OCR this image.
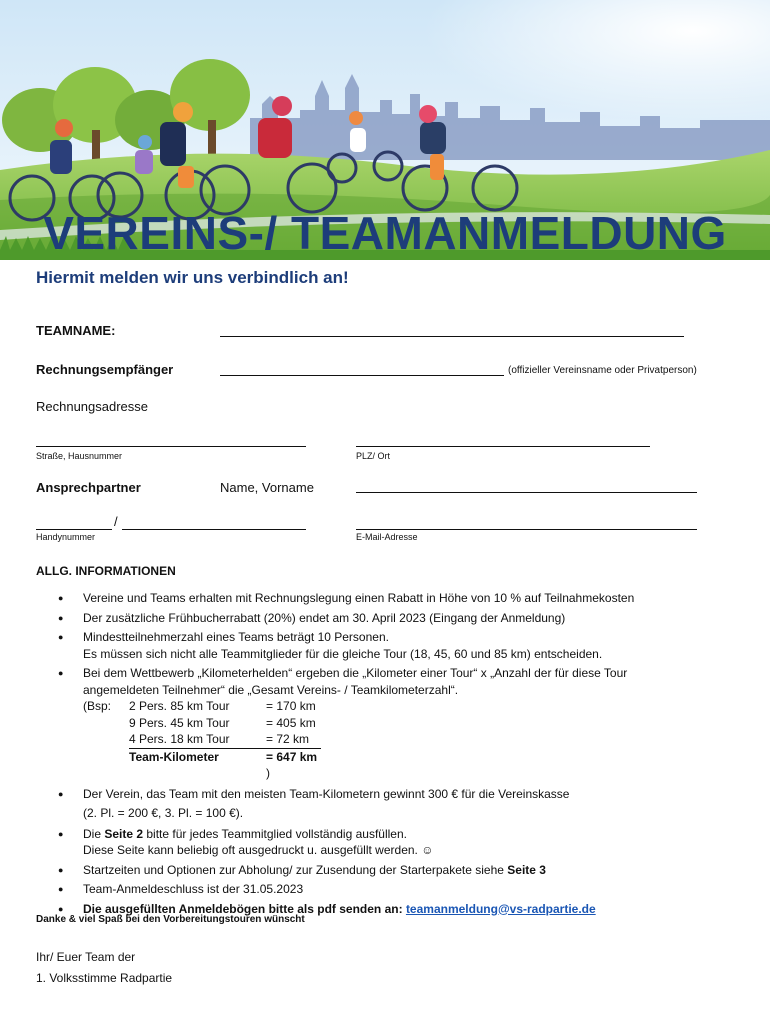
VEREINS-/ TEAMANMELDUNG
Hiermit melden wir uns verbindlich an!
TEAMNAME:
Rechnungsempfänger	(offizieller Vereinsname oder Privatperson)
Rechnungsadresse
Straße, Hausnummer	PLZ/ Ort
Ansprechpartner	Name, Vorname
/
Handynummer	E-Mail-Adresse
ALLG. INFORMATIONEN
● Vereine und Teams erhalten mit Rechnungslegung einen Rabatt in Höhe von 10 % auf Teilnahmekosten
● Der zusätzliche Frühbucherrabatt (20%) endet am 30. April 2023 (Eingang der Anmeldung)
● Mindestteilnehmerzahl eines Teams beträgt 10 Personen.
Es müssen sich nicht alle Teammitglieder für die gleiche Tour (18, 45, 60 und 85 km) entscheiden.
● Bei dem Wettbewerb „Kilometerhelden“ ergeben die „Kilometer einer Tour“ x „Anzahl der für diese Tour
angemeldeten Teilnehmer“ die „Gesamt Vereins- / Teamkilometerzahl“.
(Bsp:	2 Pers. 85 km Tour	= 170 km
9 Pers. 45 km Tour	= 405 km
4 Pers. 18 km Tour	= 72 km
Team-Kilometer	= 647 km
)
● Der Verein, das Team mit den meisten Team-Kilometern gewinnt 300 € für die Vereinskasse
(2. Pl. = 200 €, 3. Pl. = 100 €).
● Die Seite 2 bitte für jedes Teammitglied vollständig ausfüllen.
Diese Seite kann beliebig oft ausgedruckt u. ausgefüllt werden. ☺
● Startzeiten und Optionen zur Abholung/ zur Zusendung der Starterpakete siehe Seite 3
● Team-Anmeldeschluss ist der 31.05.2023
● Die ausgefüllten Anmeldebögen bitte als pdf senden an: teamanmeldung@vs-radpartie.de
Danke & viel Spaß bei den Vorbereitungstouren wünscht
Ihr/ Euer Team der
1. Volksstimme Radpartie
